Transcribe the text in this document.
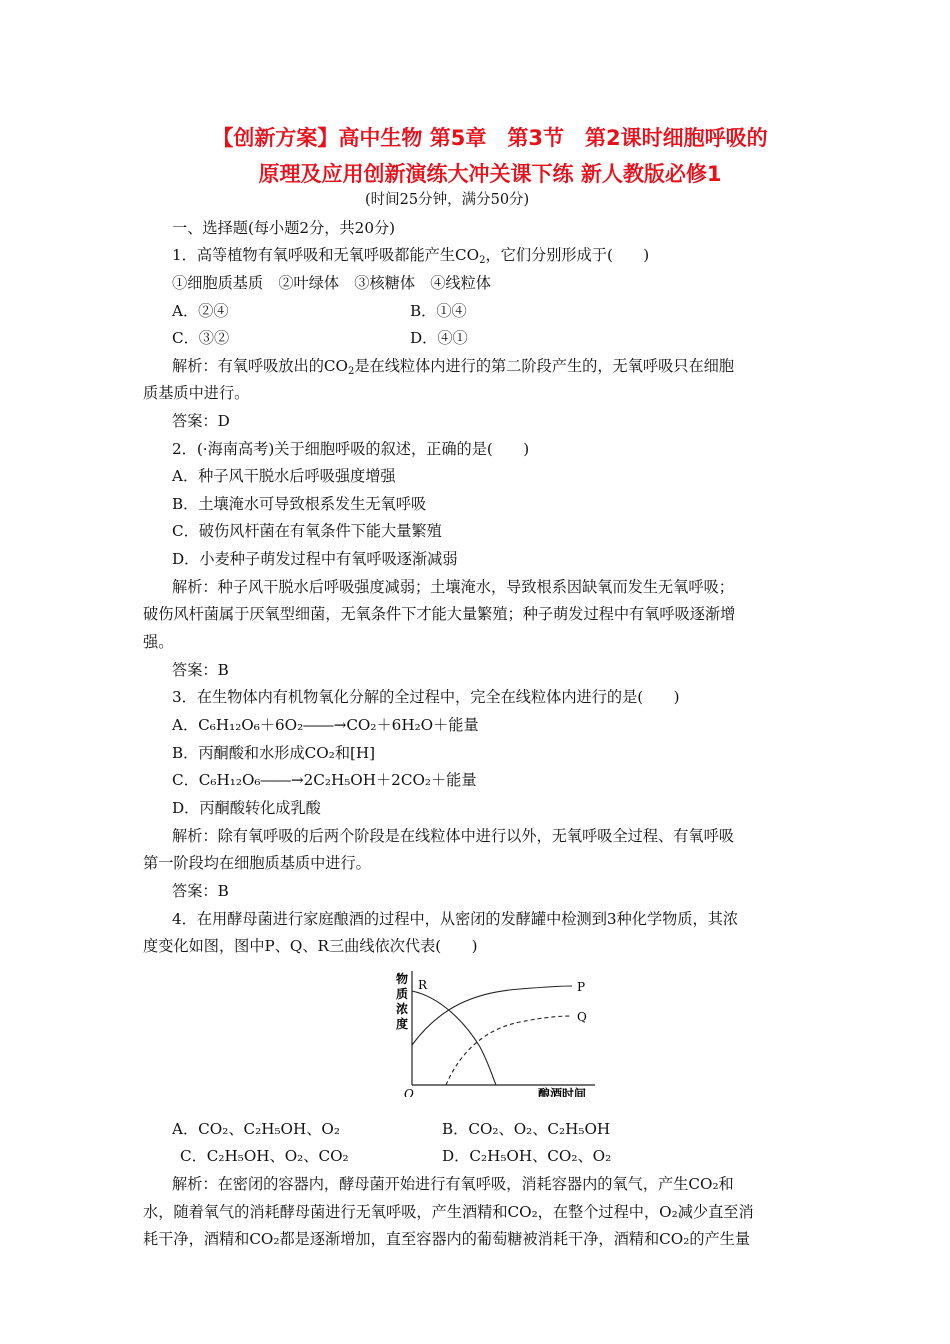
【创新方案】高中生物 第5章　第3节　第2课时细胞呼吸的
原理及应用创新演练大冲关课下练 新人教版必修1
(时间25分钟，满分50分)
一、选择题(每小题2分，共20分)
1．高等植物有氧呼吸和无氧呼吸都能产生$CO_2$，它们分别形成于(　　)
①细胞质基质　②叶绿体　③核糖体　④线粒体
A．②④	B．①④
C．③②	D．④①
解析：有氧呼吸放出的$CO_2$是在线粒体内进行的第二阶段产生的，无氧呼吸只在细胞
质基质中进行。
答案：D
2．(·海南高考)关于细胞呼吸的叙述，正确的是(　　)
A．种子风干脱水后呼吸强度增强
B．土壤淹水可导致根系发生无氧呼吸
C．破伤风杆菌在有氧条件下能大量繁殖
D．小麦种子萌发过程中有氧呼吸逐渐减弱
解析：种子风干脱水后呼吸强度减弱；土壤淹水，导致根系因缺氧而发生无氧呼吸；
破伤风杆菌属于厌氧型细菌，无氧条件下才能大量繁殖；种子萌发过程中有氧呼吸逐渐增
强。
答案：B
3．在生物体内有机物氧化分解的全过程中，完全在线粒体内进行的是(　　)
A．C₆H₁₂O₆＋6O₂――→CO₂＋6H₂O＋能量
B．丙酮酸和水形成CO₂和[H]
C．C₆H₁₂O₆――→2C₂H₅OH＋2CO₂＋能量
D．丙酮酸转化成乳酸
解析：除有氧呼吸的后两个阶段是在线粒体中进行以外，无氧呼吸全过程、有氧呼吸
第一阶段均在细胞质基质中进行。
答案：B
4．在用酵母菌进行家庭酿酒的过程中，从密闭的发酵罐中检测到3种化学物质，其浓
度变化如图，图中P、Q、R三曲线依次代表(　　)
物
质
浓
度
O	酿酒时间
R	P
Q
A．CO₂、C₂H₅OH、O₂	B．CO₂、O₂、C₂H₅OH
C．C₂H₅OH、O₂、CO₂	D．C₂H₅OH、CO₂、O₂
解析：在密闭的容器内，酵母菌开始进行有氧呼吸，消耗容器内的氧气，产生CO₂和
水，随着氧气的消耗酵母菌进行无氧呼吸，产生酒精和CO₂，在整个过程中，O₂减少直至消
耗干净，酒精和CO₂都是逐渐增加，直至容器内的葡萄糖被消耗干净，酒精和CO₂的产生量
